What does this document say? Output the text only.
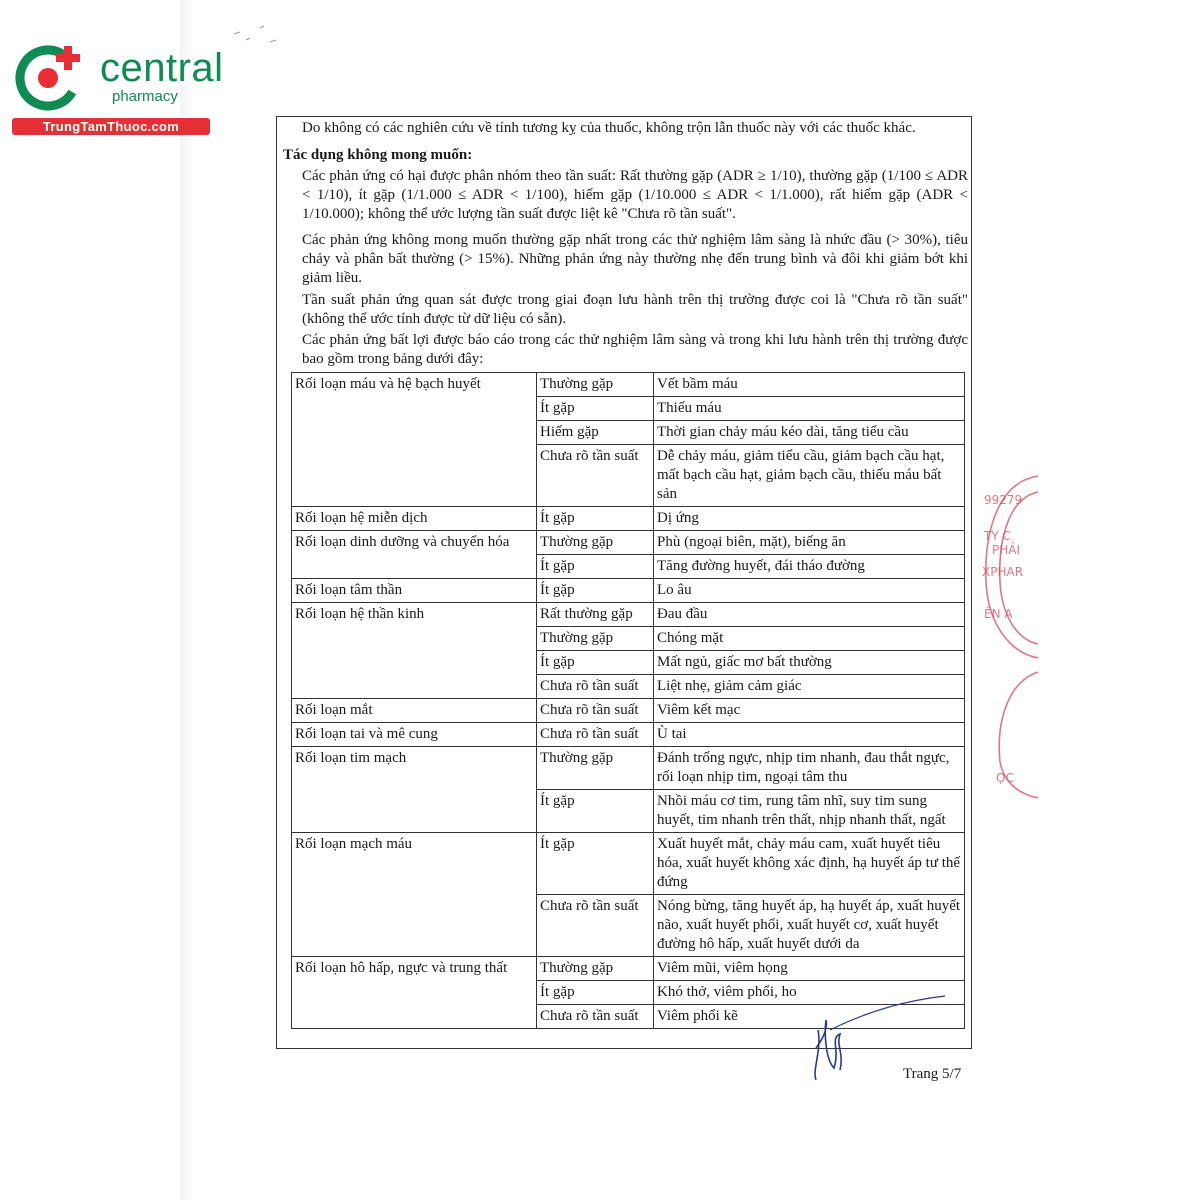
central
pharmacy
TrungTamThuoc.com	Do không có các nghiên cứu về tính tương kỵ của thuốc, không trộn lẫn thuốc này với các thuốc khác.
Tác dụng không mong muốn:
Các phản ứng có hại được phân nhóm theo tần suất: Rất thường gặp (ADR ≥ 1/10), thường gặp (1/100 ≤ ADR < 1/10), ít gặp (1/1.000 ≤ ADR < 1/100), hiếm gặp (1/10.000 ≤ ADR < 1/1.000), rất hiếm gặp (ADR < 1/10.000); không thể ước lượng tần suất được liệt kê "Chưa rõ tần suất".
Các phản ứng không mong muốn thường gặp nhất trong các thử nghiệm lâm sàng là nhức đầu (> 30%), tiêu chảy và phân bất thường (> 15%). Những phản ứng này thường nhẹ đến trung bình và đôi khi giảm bớt khi giảm liều.
Tần suất phản ứng quan sát được trong giai đoạn lưu hành trên thị trường được coi là "Chưa rõ tần suất" (không thể ước tính được từ dữ liệu có sẵn).
Các phản ứng bất lợi được báo cáo trong các thử nghiệm lâm sàng và trong khi lưu hành trên thị trường được bao gồm trong bảng dưới đây:
Rối loạn máu và hệ bạch huyết	Thường gặp	Vết bầm máu
	Ít gặp	Thiếu máu
	Hiếm gặp	Thời gian chảy máu kéo dài, tăng tiểu cầu
	Chưa rõ tần suất	Dễ chảy máu, giảm tiểu cầu, giảm bạch cầu hạt, mất bạch cầu hạt, giảm bạch cầu, thiếu máu bất sản
Rối loạn hệ miễn dịch	Ít gặp	Dị ứng
Rối loạn dinh dưỡng và chuyển hóa	Thường gặp	Phù (ngoại biên, mặt), biếng ăn
	Ít gặp	Tăng đường huyết, đái tháo đường
Rối loạn tâm thần	Ít gặp	Lo âu
Rối loạn hệ thần kinh	Rất thường gặp	Đau đầu
	Thường gặp	Chóng mặt
	Ít gặp	Mất ngủ, giấc mơ bất thường
	Chưa rõ tần suất	Liệt nhẹ, giảm cảm giác
Rối loạn mắt	Chưa rõ tần suất	Viêm kết mạc
Rối loạn tai và mê cung	Chưa rõ tần suất	Ù tai
Rối loạn tim mạch	Thường gặp	Đánh trống ngực, nhịp tim nhanh, đau thắt ngực, rối loạn nhịp tim, ngoại tâm thu
	Ít gặp	Nhồi máu cơ tim, rung tâm nhĩ, suy tim sung huyết, tim nhanh trên thất, nhịp nhanh thất, ngất
Rối loạn mạch máu	Ít gặp	Xuất huyết mắt, chảy máu cam, xuất huyết tiêu hóa, xuất huyết không xác định, hạ huyết áp tư thế đứng
	Chưa rõ tần suất	Nóng bừng, tăng huyết áp, hạ huyết áp, xuất huyết não, xuất huyết phổi, xuất huyết cơ, xuất huyết đường hô hấp, xuất huyết dưới da
Rối loạn hô hấp, ngực và trung thất	Thường gặp	Viêm mũi, viêm họng
	Ít gặp	Khó thở, viêm phổi, ho
	Chưa rõ tần suất	Viêm phổi kẽ
99279
TY C
PHẢI
XPHAR
ÊN A
ỌC
Trang 5/7
